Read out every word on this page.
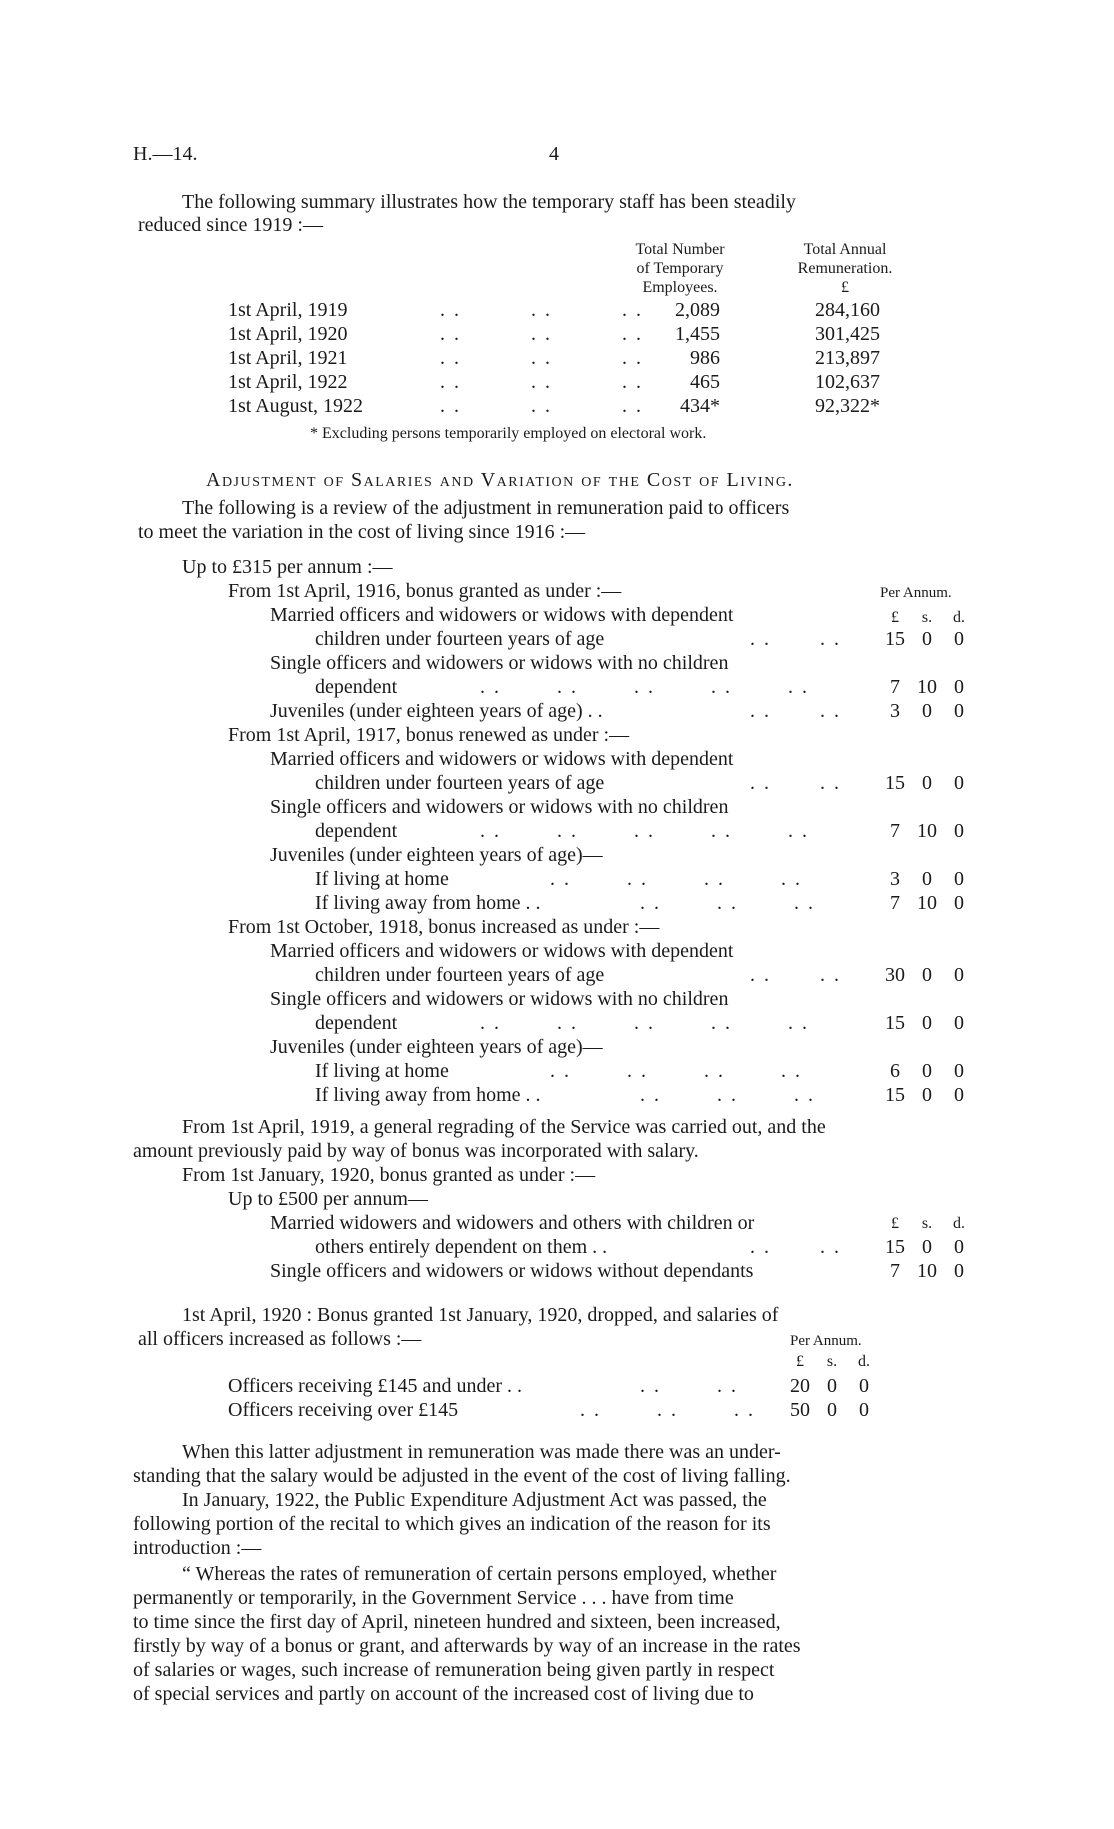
H.—14.	4
The following summary illustrates how the temporary staff has been steadily
reduced since 1919 :—
Total Number
of Temporary
Employees.
Total Annual
Remuneration.
£
1st April, 1919	. .          . .          . .	2,089	284,160
1st April, 1920	. .          . .          . .	1,455	301,425
1st April, 1921	. .          . .          . .	986	213,897
1st April, 1922	. .          . .          . .	465	102,637
1st August, 1922	. .          . .          . .	434*	92,322*
* Excluding persons temporarily employed on electoral work.
Adjustment of Salaries and Variation of the Cost of Living.
The following is a review of the adjustment in remuneration paid to officers
to meet the variation in the cost of living since 1916 :—
Up to £315 per annum :—
From 1st April, 1916, bonus granted as under :—	Per Annum.
Married officers and widowers or widows with dependent	£ s. d.
children under fourteen years of age	. .       . . 15 0 0
Single officers and widowers or widows with no children
dependent	. .        . .        . .        . .        . .	7 10 0
Juveniles (under eighteen years of age) . .	. .       . .	3 0 0
From 1st April, 1917, bonus renewed as under :—
Married officers and widowers or widows with dependent
children under fourteen years of age	. .       . . 15 0 0
Single officers and widowers or widows with no children
dependent	. .        . .        . .        . .        . .	7 10 0
Juveniles (under eighteen years of age)—
If living at home	. .        . .        . .        . .	3 0 0
If living away from home . .	. .        . .        . .	7 10 0
From 1st October, 1918, bonus increased as under :—
Married officers and widowers or widows with dependent
children under fourteen years of age	. .       . . 30 0 0
Single officers and widowers or widows with no children
dependent	. .        . .        . .        . .        . .	15 0 0
Juveniles (under eighteen years of age)—
If living at home	. .        . .        . .        . .	6 0 0
If living away from home . .	. .        . .        . .	15 0 0
From 1st April, 1919, a general regrading of the Service was carried out, and the
amount previously paid by way of bonus was incorporated with salary.
From 1st January, 1920, bonus granted as under :—
Up to £500 per annum—
Married widowers and widowers and others with children or	£ s. d.
others entirely dependent on them . .	. .       . . 15 0 0
Single officers and widowers or widows without dependants	7 10 0
1st April, 1920 : Bonus granted 1st January, 1920, dropped, and salaries of
all officers increased as follows :—	Per Annum.
£ s. d.
Officers receiving £145 and under . .	. .        . .	20 0 0
Officers receiving over £145	. .        . .        . . 50 0 0
When this latter adjustment in remuneration was made there was an under-
standing that the salary would be adjusted in the event of the cost of living falling.
In January, 1922, the Public Expenditure Adjustment Act was passed, the
following portion of the recital to which gives an indication of the reason for its
introduction :—
“ Whereas the rates of remuneration of certain persons employed, whether
permanently or temporarily, in the Government Service . . . have from time
to time since the first day of April, nineteen hundred and sixteen, been increased,
firstly by way of a bonus or grant, and afterwards by way of an increase in the rates
of salaries or wages, such increase of remuneration being given partly in respect
of special services and partly on account of the increased cost of living due to
